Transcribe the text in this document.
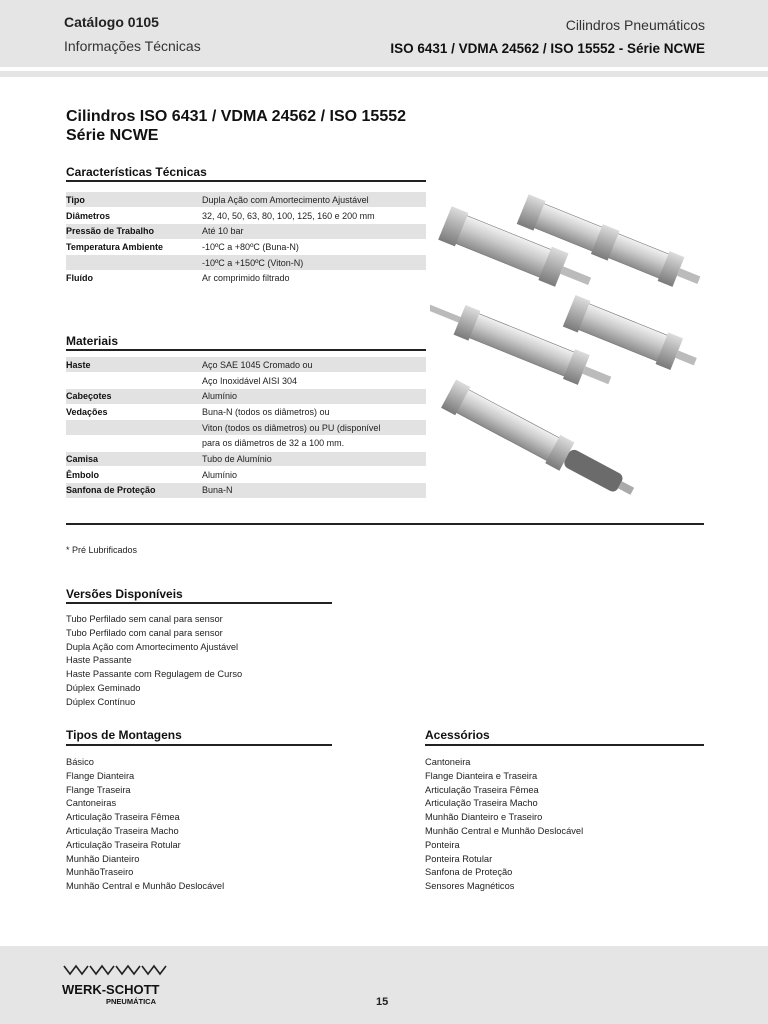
Catálogo 0105
Informações Técnicas
Cilindros Pneumáticos
ISO 6431 / VDMA 24562 / ISO 15552 - Série NCWE
Cilindros ISO 6431 / VDMA 24562 / ISO 15552
Série NCWE
Características Técnicas
Tipo	Dupla Ação com Amortecimento Ajustável
Diâmetros	32, 40, 50, 63, 80, 100, 125, 160 e 200 mm
Pressão de Trabalho	Até 10 bar
Temperatura Ambiente	-10ºC a +80ºC (Buna-N)
	-10ºC a +150ºC (Viton-N)
Fluído	Ar comprimido filtrado
Materiais
Haste	Aço SAE 1045 Cromado ou
	Aço Inoxidável AISI 304
Cabeçotes	Alumínio
Vedações	Buna-N (todos os diâmetros) ou
	Viton (todos os diâmetros) ou PU (disponível
	para os diâmetros de 32 a 100 mm.
Camisa	Tubo de Alumínio
Êmbolo	Alumínio
Sanfona de Proteção	Buna-N
* Pré Lubrificados
Versões Disponíveis
Tubo Perfilado sem canal para sensor
Tubo Perfilado com canal para sensor
Dupla Ação com Amortecimento Ajustável
Haste Passante
Haste Passante com Regulagem de Curso
Dúplex Geminado
Dúplex Contínuo
Tipos de Montagens
Básico
Flange Dianteira
Flange Traseira
Cantoneiras
Articulação Traseira Fêmea
Articulação Traseira Macho
Articulação Traseira Rotular
Munhão Dianteiro
MunhãoTraseiro
Munhão Central e Munhão Deslocável
Acessórios
Cantoneira
Flange Dianteira e Traseira
Articulação Traseira Fêmea
Articulação Traseira Macho
Munhão Dianteiro e Traseiro
Munhão Central e Munhão Deslocável
Ponteira
Ponteira Rotular
Sanfona de Proteção
Sensores Magnéticos
WERK-SCHOTT
PNEUMÁTICA	15
